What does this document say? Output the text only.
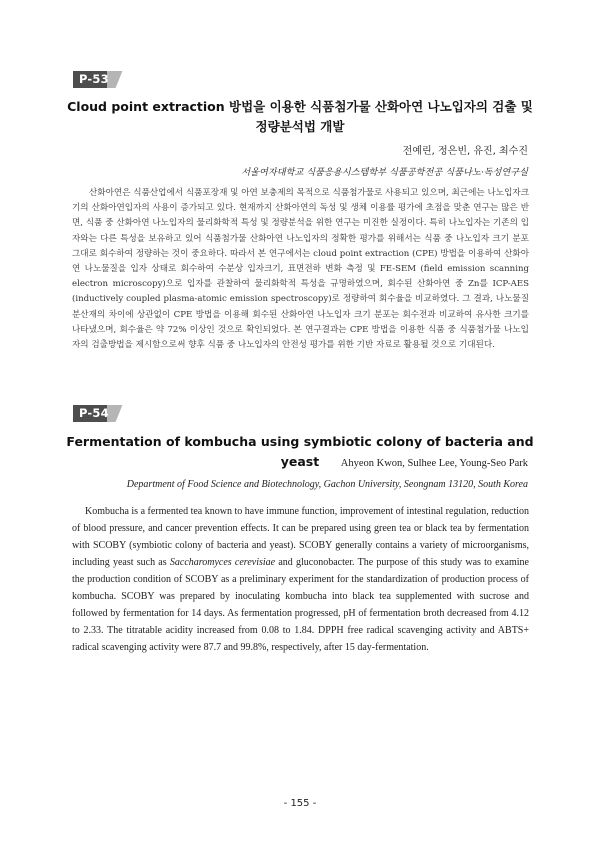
P-53
Cloud point extraction 방법을 이용한 식품첨가물 산화아연 나노입자의 검출 및
정량분석법 개발
전예린, 정은빈, 유진, 최수진
서울여자대학교 식품응용시스템학부 식품공학전공 식품나노·독성연구실

산화아연은 식품산업에서 식품포장재 및 아연 보충제의 목적으로 식품첨가물로 사용되고 있으며, 최근에는 나노입자크기의 산화아연입자의 사용이 증가되고 있다. 현재까지 산화아연의 독성 및 생체 이용률 평가에 초점을 맞춘 연구는 많은 반면, 식품 중 산화아연 나노입자의 물리화학적 특성 및 정량분석을 위한 연구는 미진한 실정이다. 특히 나노입자는 기존의 입자와는 다른 특성을 보유하고 있어 식품첨가물 산화아연 나노입자의 정확한 평가를 위해서는 식품 중 나노입자 크기 분포 그대로 회수하여 정량하는 것이 중요하다. 따라서 본 연구에서는 cloud point extraction (CPE) 방법을 이용하여 산화아연 나노물질을 입자 상태로 회수하여 수분상 입자크기, 표면전하 변화 측정 및 FE-SEM (field emission scanning electron microscopy)으로 입자를 관찰하여 물리화학적 특성을 규명하였으며, 회수된 산화아연 중 Zn를 ICP-AES (inductively coupled plasma-atomic emission spectroscopy)로 정량하여 회수율을 비교하였다. 그 결과, 나노물질 분산재의 차이에 상관없이 CPE 방법을 이용해 회수된 산화아연 나노입자 크기 분포는 회수전과 비교하여 유사한 크기를 나타냈으며, 회수율은 약 72% 이상인 것으로 확인되었다. 본 연구결과는 CPE 방법을 이용한 식품 중 식품첨가물 나노입자의 검출방법을 제시함으로써 향후 식품 중 나노입자의 안전성 평가를 위한 기반 자료로 활용될 것으로 기대된다.

P-54
Fermentation of kombucha using symbiotic colony of bacteria and yeast	Ahyeon Kwon, Sulhee Lee, Young-Seo Park
Department of Food Science and Biotechnology, Gachon University, Seongnam 13120, South Korea

Kombucha is a fermented tea known to have immune function, improvement of intestinal regulation, reduction of blood pressure, and cancer prevention effects. It can be prepared using green tea or black tea by fermentation with SCOBY (symbiotic colony of bacteria and yeast). SCOBY generally contains a variety of microorganisms, including yeast such as Saccharomyces cerevisiae and gluconobacter. The purpose of this study was to examine the production condition of SCOBY as a preliminary experiment for the standardization of production process of kombucha. SCOBY was prepared by inoculating kombucha into black tea supplemented with sucrose and followed by fermentation for 14 days. As fermentation progressed, pH of fermentation broth decreased from 4.12 to 2.33. The titratable acidity increased from 0.08 to 1.84. DPPH free radical scavenging activity and ABTS+ radical scavenging activity were 87.7 and 99.8%, respectively, after 15 day-fermentation.

- 155 -
